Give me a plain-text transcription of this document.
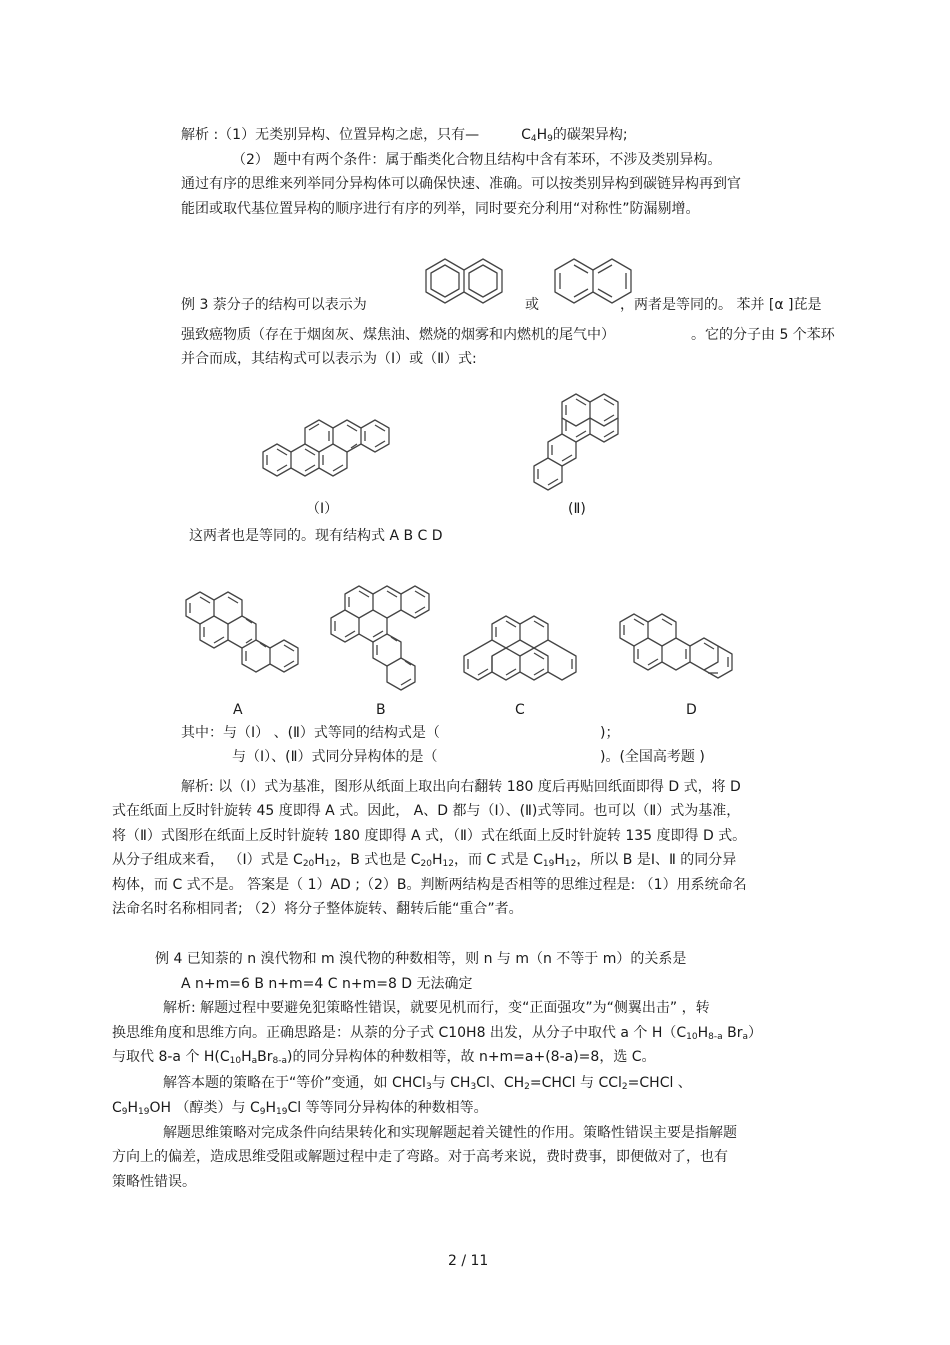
解析 :（1）无类别异构、位置异构之虑，只有—	$C_4H_9$的碳架异构;
（2） 题中有两个条件：属于酯类化合物且结构中含有苯环，不涉及类别异构。
通过有序的思维来列举同分异构体可以确保快速、准确。可以按类别异构到碳链异构再到官
能团或取代基位置异构的顺序进行有序的列举，同时要充分利用“对称性”防漏剔增。
例 3 萘分子的结构可以表示为	或	，两者是等同的。 苯并 [α ]芘是
强致癌物质（存在于烟囱灰、煤焦油、燃烧的烟雾和内燃机的尾气中）	。它的分子由 5 个苯环
并合而成，其结构式可以表示为（Ⅰ）或（Ⅱ）式:
（Ⅰ）	(Ⅱ)
这两者也是等同的。现有结构式 A B C D
A	B	C	D
其中：与（Ⅰ） 、(Ⅱ）式等同的结构式是（	)；
与（Ⅰ）、(Ⅱ）式同分异构体的是（	)。(全国高考题 )
解析: 以（Ⅰ）式为基准，图形从纸面上取出向右翻转 180 度后再贴回纸面即得 D 式，将 D
式在纸面上反时针旋转 45 度即得 A 式。因此， A、D 都与（Ⅰ）、(Ⅱ)式等同。也可以（Ⅱ）式为基准，
将（Ⅱ）式图形在纸面上反时针旋转 180 度即得 A 式，（Ⅱ）式在纸面上反时针旋转 135 度即得 D 式。
从分子组成来看， （Ⅰ）式是 $C_{20}H_{12}$，B 式也是 $C_{20}H_{12}$，而 C 式是 $C_{19}H_{12}$，所以 B 是Ⅰ、Ⅱ 的同分异
构体，而 C 式不是。 答案是（ 1）AD ;（2）B。判断两结构是否相等的思维过程是: （1）用系统命名
法命名时名称相同者; （2）将分子整体旋转、翻转后能“重合”者。
例 4 已知萘的 n 溴代物和 m 溴代物的种数相等，则 n 与 m（n 不等于 m）的关系是
A n+m=6 B n+m=4 C n+m=8 D 无法确定
解析: 解题过程中要避免犯策略性错误，就要见机而行，变“正面强攻”为“侧翼出击” ，转
换思维角度和思维方向。正确思路是：从萘的分子式 C10H8 出发，从分子中取代 a 个 $H(C_{10}H_{8-a}$ $Br_a$）
与取代 8-a 个 $H(C_{10}H_aBr_{8-a})$的同分异构体的种数相等，故 n+m=a+(8-a)=8，选 C。
解答本题的策略在于“等价”变通，如 CHCl$_3$与 $CH_3Cl$、$CH_2=CHCl$ 与 CCl$_2$=CHCl 、
$C_9H_{19}OH$ （醇类）与 $C_9H_{19}Cl$ 等等同分异构体的种数相等。
解题思维策略对完成条件向结果转化和实现解题起着关键性的作用。策略性错误主要是指解题
方向上的偏差，造成思维受阻或解题过程中走了弯路。对于高考来说，费时费事，即便做对了，也有
策略性错误。
2 / 11
